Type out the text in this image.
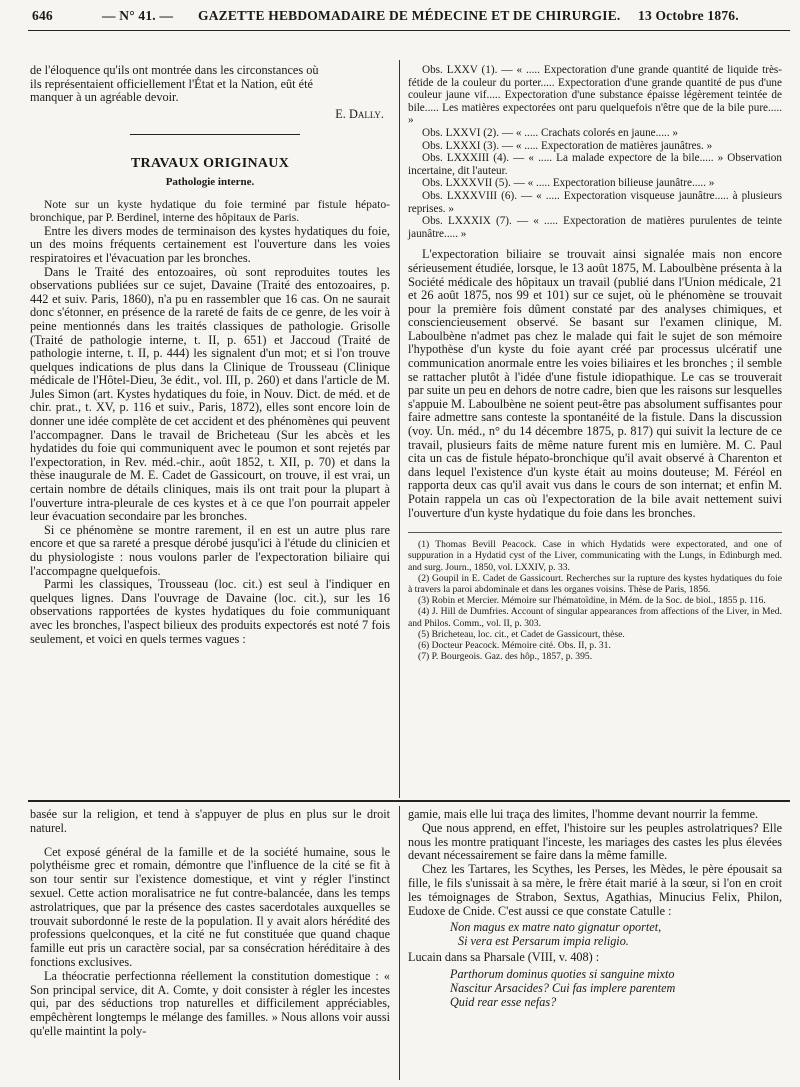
646	— N° 41. — GAZETTE HEBDOMADAIRE DE MÉDECINE ET DE CHIRURGIE. 13 Octobre 1876.

de l'éloquence qu'ils ont montrée dans les circonstances où

ils représentaient officiellement l'État et la Nation, eût été

manquer à un agréable devoir.

E. Dally.
TRAVAUX ORIGINAUX
Pathologie interne.

Note sur un kyste hydatique du foie terminé par fistule hépato-bronchique, par P. Berdinel, interne des hôpitaux de Paris.

Entre les divers modes de terminaison des kystes hydatiques du foie, un des moins fréquents certainement est l'ouverture dans les voies respiratoires et l'évacuation par les bronches.

Dans le Traité des entozoaires, où sont reproduites toutes les observations publiées sur ce sujet, Davaine (Traité des entozoaires, p. 442 et suiv. Paris, 1860), n'a pu en rassembler que 16 cas. On ne saurait donc s'étonner, en présence de la rareté de faits de ce genre, de les voir à peine mentionnés dans les traités classiques de pathologie. Grisolle (Traité de pathologie interne, t. II, p. 651) et Jaccoud (Traité de pathologie interne, t. II, p. 444) les signalent d'un mot; et si l'on trouve quelques indications de plus dans la Clinique de Trousseau (Clinique médicale de l'Hôtel-Dieu, 3e édit., vol. III, p. 260) et dans l'article de M. Jules Simon (art. Kystes hydatiques du foie, in Nouv. Dict. de méd. et de chir. prat., t. XV, p. 116 et suiv., Paris, 1872), elles sont encore loin de donner une idée complète de cet accident et des phénomènes qui peuvent l'accompagner. Dans le travail de Bricheteau (Sur les abcès et les hydatides du foie qui communiquent avec le poumon et sont rejetés par l'expectoration, in Rev. méd.-chir., août 1852, t. XII, p. 70) et dans la thèse inaugurale de M. E. Cadet de Gassicourt, on trouve, il est vrai, un certain nombre de détails cliniques, mais ils ont trait pour la plupart à l'ouverture intra-pleurale de ces kystes et à ce que l'on pourrait appeler leur évacuation secondaire par les bronches.

Si ce phénomène se montre rarement, il en est un autre plus rare encore et que sa rareté a presque dérobé jusqu'ici à l'étude du clinicien et du physiologiste : nous voulons parler de l'expectoration biliaire qui l'accompagne quelquefois.

Parmi les classiques, Trousseau (loc. cit.) est seul à l'indiquer en quelques lignes. Dans l'ouvrage de Davaine (loc. cit.), sur les 16 observations rapportées de kystes hydatiques du foie communiquant avec les bronches, l'aspect bilieux des produits expectorés est noté 7 fois seulement, et voici en quels termes vagues :

Obs. LXXV (1). — « ..... Expectoration d'une grande quantité de liquide très-fétide de la couleur du porter..... Expectoration d'une grande quantité de pus d'une couleur jaune vif..... Expectoration d'une substance épaisse légèrement teintée de bile..... Les matières expectorées ont paru quelquefois n'être que de la bile pure..... »

Obs. LXXVI (2). — « ..... Crachats colorés en jaune..... »

Obs. LXXXI (3). — « ..... Expectoration de matières jaunâtres. »

Obs. LXXXIII (4). — « ..... La malade expectore de la bile..... » Observation incertaine, dit l'auteur.

Obs. LXXXVII (5). — « ..... Expectoration bilieuse jaunâtre..... »

Obs. LXXXVIII (6). — « ..... Expectoration visqueuse jaunâtre..... à plusieurs reprises. »

Obs. LXXXIX (7). — « ..... Expectoration de matières purulentes de teinte jaunâtre..... »

L'expectoration biliaire se trouvait ainsi signalée mais non encore sérieusement étudiée, lorsque, le 13 août 1875, M. Laboulbène présenta à la Société médicale des hôpitaux un travail (publié dans l'Union médicale, 21 et 26 août 1875, nos 99 et 101) sur ce sujet, où le phénomène se trouvait pour la première fois dûment constaté par des analyses chimiques, et consciencieusement observé. Se basant sur l'examen clinique, M. Laboulbène n'admet pas chez le malade qui fait le sujet de son mémoire l'hypothèse d'un kyste du foie ayant créé par processus ulcératif une communication anormale entre les voies biliaires et les bronches ; il semble se rattacher plutôt à l'idée d'une fistule idiopathique. Le cas se trouverait par suite un peu en dehors de notre cadre, bien que les raisons sur lesquelles s'appuie M. Laboulbène ne soient peut-être pas absolument suffisantes pour faire admettre sans conteste la spontanéité de la fistule. Dans la discussion (voy. Un. méd., n° du 14 décembre 1875, p. 817) qui suivit la lecture de ce travail, plusieurs faits de même nature furent mis en lumière. M. C. Paul cita un cas de fistule hépato-bronchique qu'il avait observé à Charenton et dans lequel l'existence d'un kyste était au moins douteuse; M. Féréol en rapporta deux cas qu'il avait vus dans le cours de son internat; et enfin M. Potain rappela un cas où l'expectoration de la bile avait nettement suivi l'ouverture d'un kyste hydatique du foie dans les bronches.

(1) Thomas Bevill Peacock. Case in which Hydatids were expectorated, and one of suppuration in a Hydatid cyst of the Liver, communicating with the Lungs, in Edinburgh med. and surg. Journ., 1850, vol. LXXIV, p. 33.
(2) Goupil in E. Cadet de Gassicourt. Recherches sur la rupture des kystes hydatiques du foie à travers la paroi abdominale et dans les organes voisins. Thèse de Paris, 1856.
(3) Robin et Mercier. Mémoire sur l'hématoïdine, in Mém. de la Soc. de biol., 1855 p. 116.
(4) J. Hill de Dumfries. Account of singular appearances from affections of the Liver, in Med. and Philos. Comm., vol. II, p. 303.
(5) Bricheteau, loc. cit., et Cadet de Gassicourt, thèse.
(6) Docteur Peacock. Mémoire cité. Obs. II, p. 31.
(7) P. Bourgeois. Gaz. des hôp., 1857, p. 395.

basée sur la religion, et tend à s'appuyer de plus en plus sur le droit naturel.

Cet exposé général de la famille et de la société humaine, sous le polythéisme grec et romain, démontre que l'influence de la cité se fit à son tour sentir sur l'existence domestique, et vint y régler l'instinct sexuel. Cette action moralisatrice ne fut contre-balancée, dans les temps astrolatriques, que par la présence des castes sacerdotales auxquelles se trouvait subordonné le reste de la population. Il y avait alors hérédité des professions quelconques, et la cité ne fut constituée que quand chaque famille eut pris un caractère social, par sa consécration héréditaire à des fonctions exclusives.

La théocratie perfectionna réellement la constitution domestique : « Son principal service, dit A. Comte, y doit consister à régler les incestes qui, par des séductions trop naturelles et difficilement appréciables, empêchèrent longtemps le mélange des familles. » Nous allons voir aussi qu'elle maintint la poly-

gamie, mais elle lui traça des limites, l'homme devant nourrir la femme.

Que nous apprend, en effet, l'histoire sur les peuples astrolatriques? Elle nous les montre pratiquant l'inceste, les mariages des castes les plus élevées devant nécessairement se faire dans la même famille.

Chez les Tartares, les Scythes, les Perses, les Mèdes, le père épousait sa fille, le fils s'unissait à sa mère, le frère était marié à la sœur, si l'on en croit les témoignages de Strabon, Sextus, Agathias, Minucius Felix, Philon, Eudoxe de Cnide. C'est aussi ce que constate Catulle :

Non magus ex matre nato gignatur oportet,
Si vera est Persarum impia religio.

Lucain dans sa Pharsale (VIII, v. 408) :

Parthorum dominus quoties si sanguine mixto
Nascitur Arsacides? Cui fas implere parentem
Quid rear esse nefas?
